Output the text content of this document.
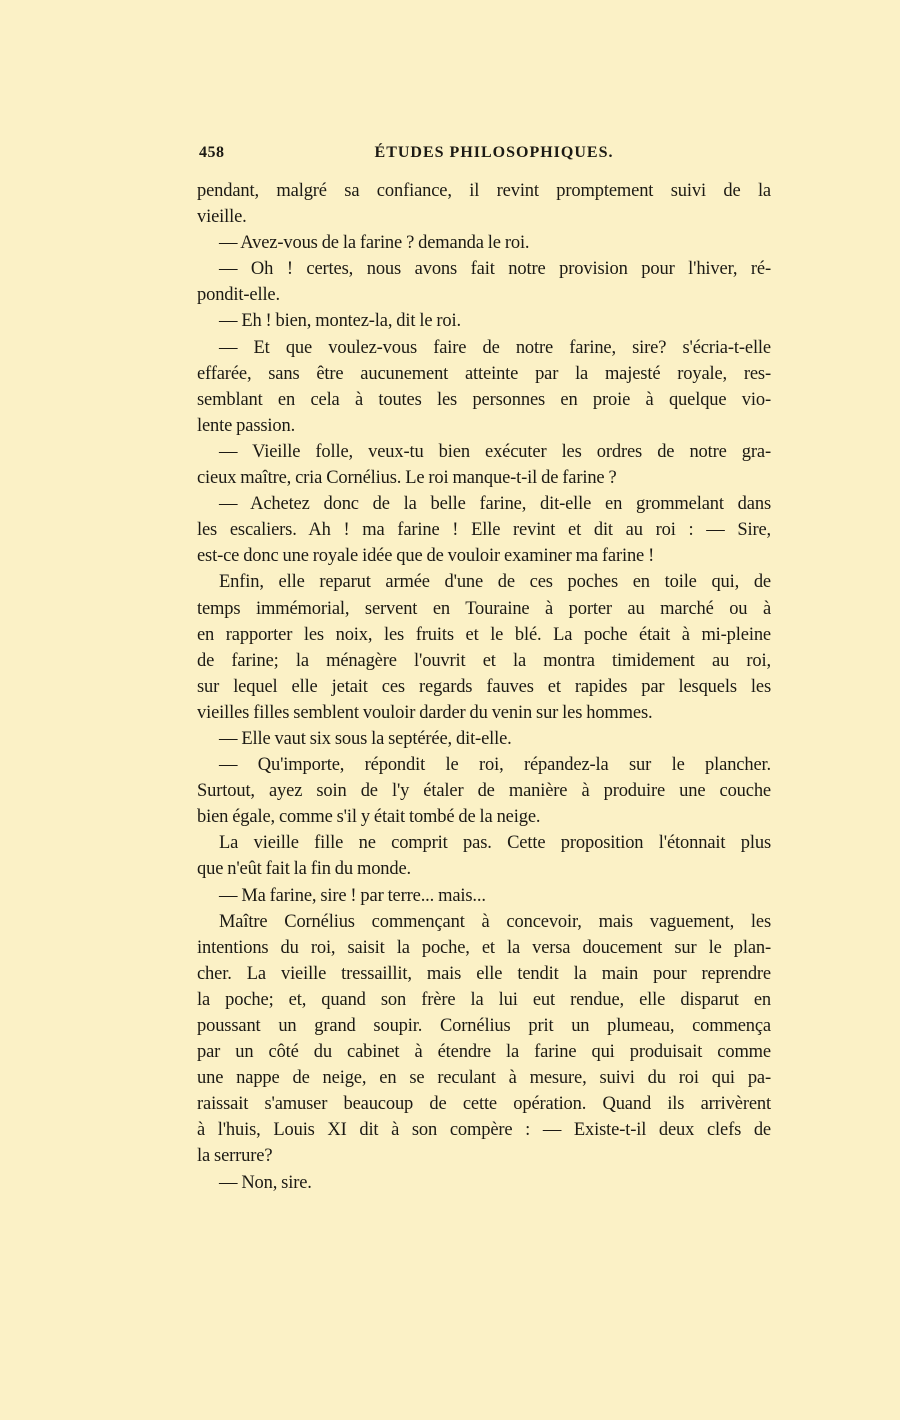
458	ÉTUDES PHILOSOPHIQUES.
pendant, malgré sa confiance, il revint promptement suivi de la
vieille.
— Avez-vous de la farine ? demanda le roi.
— Oh ! certes, nous avons fait notre provision pour l'hiver, ré-
pondit-elle.
— Eh ! bien, montez-la, dit le roi.
— Et que voulez-vous faire de notre farine, sire? s'écria-t-elle
effarée, sans être aucunement atteinte par la majesté royale, res-
semblant en cela à toutes les personnes en proie à quelque vio-
lente passion.
— Vieille folle, veux-tu bien exécuter les ordres de notre gra-
cieux maître, cria Cornélius. Le roi manque-t-il de farine ?
— Achetez donc de la belle farine, dit-elle en grommelant dans
les escaliers. Ah ! ma farine ! Elle revint et dit au roi : — Sire,
est-ce donc une royale idée que de vouloir examiner ma farine !
Enfin, elle reparut armée d'une de ces poches en toile qui, de
temps immémorial, servent en Touraine à porter au marché ou à
en rapporter les noix, les fruits et le blé. La poche était à mi-pleine
de farine; la ménagère l'ouvrit et la montra timidement au roi,
sur lequel elle jetait ces regards fauves et rapides par lesquels les
vieilles filles semblent vouloir darder du venin sur les hommes.
— Elle vaut six sous la septérée, dit-elle.
— Qu'importe, répondit le roi, répandez-la sur le plancher.
Surtout, ayez soin de l'y étaler de manière à produire une couche
bien égale, comme s'il y était tombé de la neige.
La vieille fille ne comprit pas. Cette proposition l'étonnait plus
que n'eût fait la fin du monde.
— Ma farine, sire ! par terre... mais...
Maître Cornélius commençant à concevoir, mais vaguement, les
intentions du roi, saisit la poche, et la versa doucement sur le plan-
cher. La vieille tressaillit, mais elle tendit la main pour reprendre
la poche; et, quand son frère la lui eut rendue, elle disparut en
poussant un grand soupir. Cornélius prit un plumeau, commença
par un côté du cabinet à étendre la farine qui produisait comme
une nappe de neige, en se reculant à mesure, suivi du roi qui pa-
raissait s'amuser beaucoup de cette opération. Quand ils arrivèrent
à l'huis, Louis XI dit à son compère : — Existe-t-il deux clefs de
la serrure?
— Non, sire.
